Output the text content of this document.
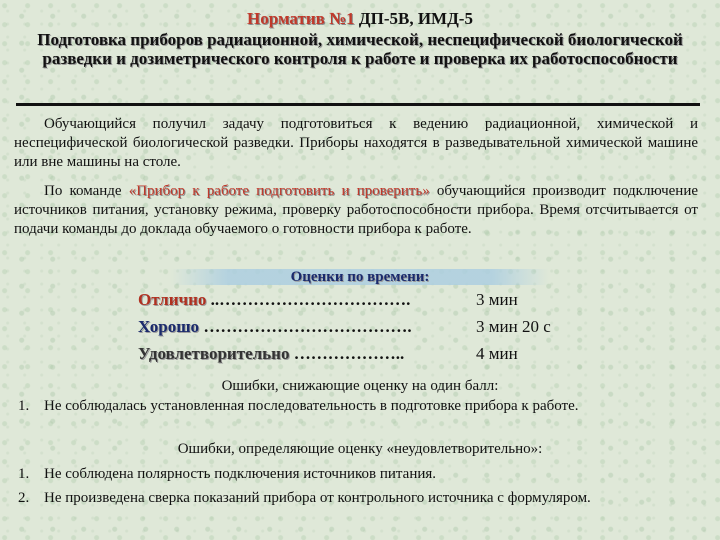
Норматив №1 ДП-5В, ИМД-5
Подготовка приборов радиационной, химической, неспецифической биологической разведки и дозиметрического контроля к работе и проверка их работоспособности
Обучающийся получил задачу подготовиться к ведению радиационной, химической и неспецифической биологической разведки. Приборы находятся в разведывательной химической машине или вне машины на столе.
По команде «Прибор к работе подготовить и проверить» обучающийся производит подключение источников питания, установку режима, проверку работоспособности прибора. Время отсчитывается от подачи команды до доклада обучаемого о готовности прибора к работе.
Оценки по времени:
Отлично ..…………………………….	3 мин
Хорошо ……………………………….	3 мин 20 с
Удовлетворительно ………………..	4 мин
Ошибки, снижающие оценку на один балл:
1. Не соблюдалась установленная последовательность в подготовке прибора к работе.
Ошибки, определяющие оценку «неудовлетворительно»:
1. Не соблюдена полярность подключения источников питания.
2. Не произведена сверка показаний прибора от контрольного источника с формуляром.
